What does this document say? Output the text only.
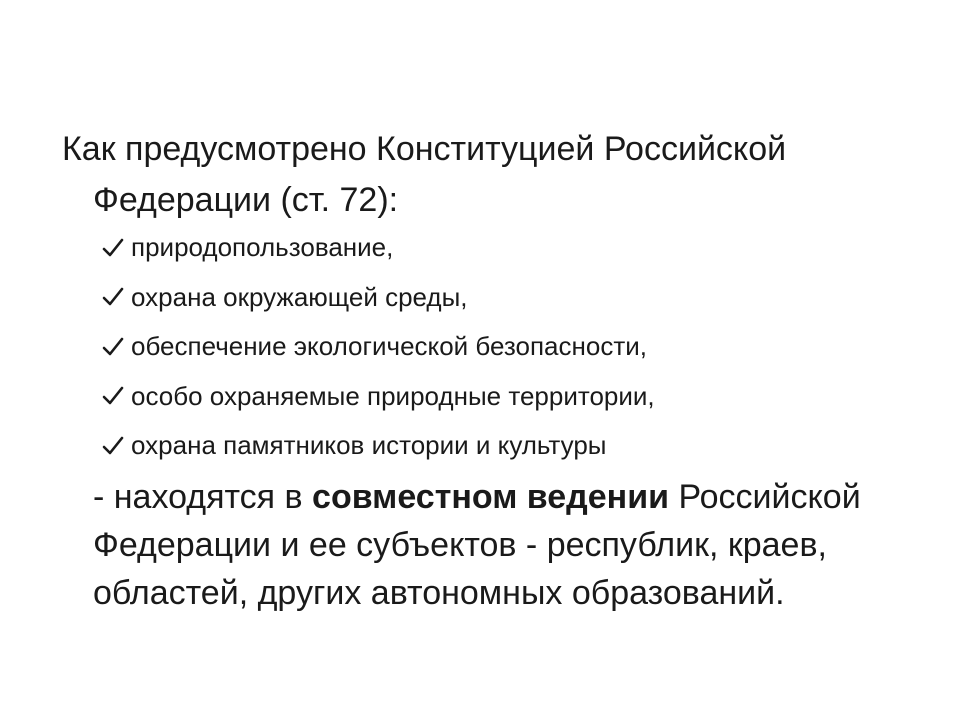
Как предусмотрено Конституцией Российской
Федерации (ст. 72):

природопользование,
охрана окружающей среды,
обеспечение экологической безопасности,
особо охраняемые природные территории,
охрана памятников истории и культуры

- находятся в совместном ведении Российской
Федерации и ее субъектов - республик, краев,
областей, других автономных образований.
